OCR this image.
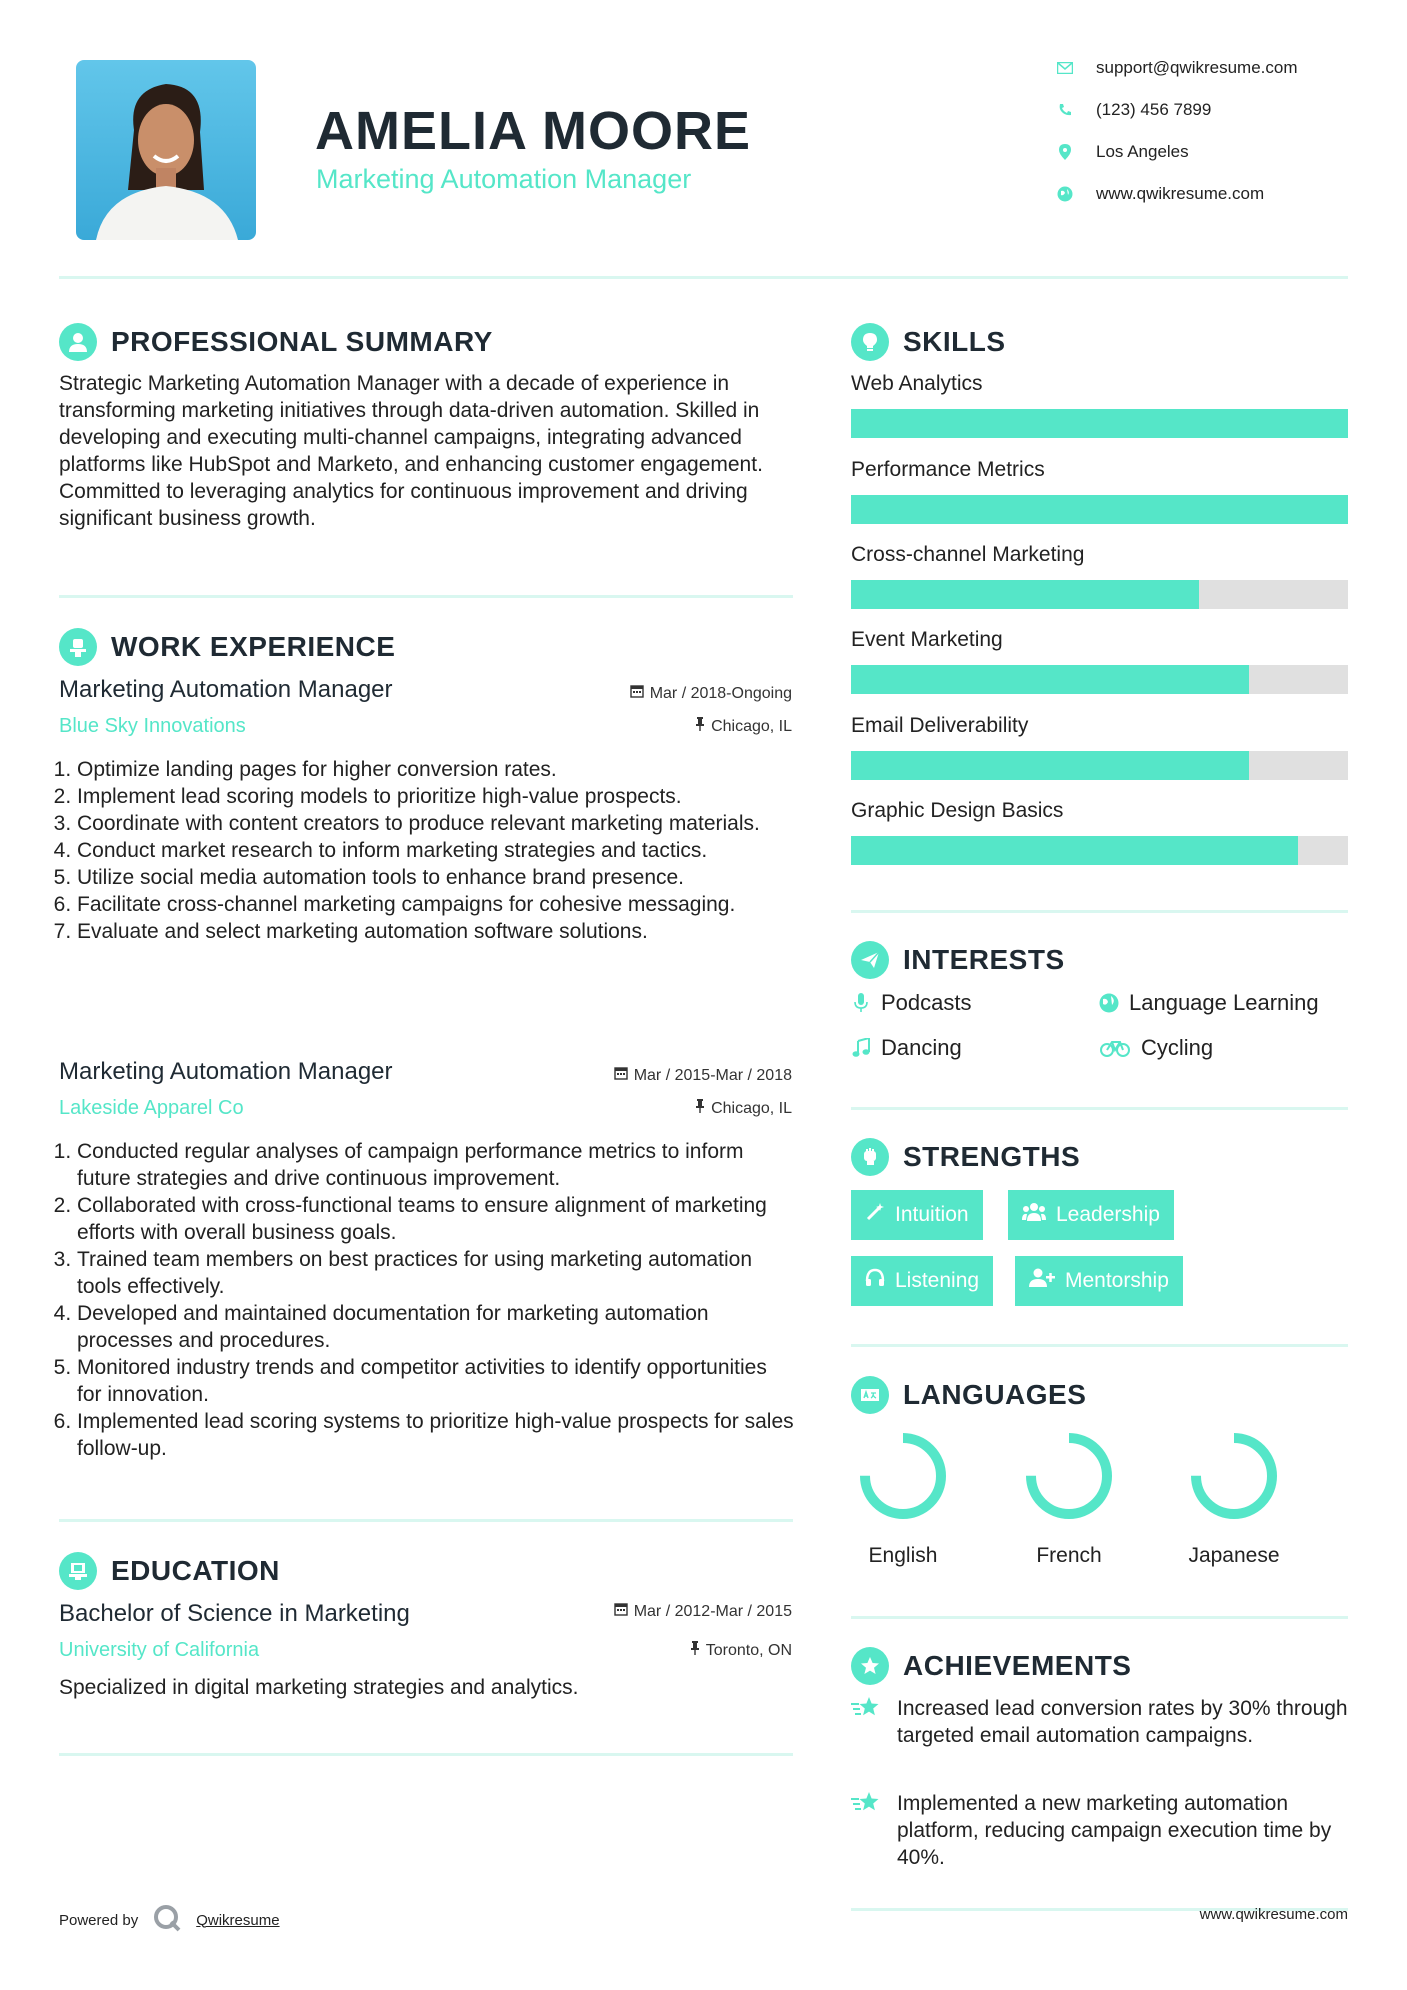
AMELIA MOORE
Marketing Automation Manager
support@qwikresume.com
(123) 456 7899
Los Angeles
www.qwikresume.com
PROFESSIONAL SUMMARY
Strategic Marketing Automation Manager with a decade of experience in transforming marketing initiatives through data-driven automation. Skilled in developing and executing multi-channel campaigns, integrating advanced platforms like HubSpot and Marketo, and enhancing customer engagement. Committed to leveraging analytics for continuous improvement and driving significant business growth.
WORK EXPERIENCE
Marketing Automation Manager	Mar / 2018-Ongoing
Blue Sky Innovations	Chicago, IL
1. Optimize landing pages for higher conversion rates.
2. Implement lead scoring models to prioritize high-value prospects.
3. Coordinate with content creators to produce relevant marketing materials.
4. Conduct market research to inform marketing strategies and tactics.
5. Utilize social media automation tools to enhance brand presence.
6. Facilitate cross-channel marketing campaigns for cohesive messaging.
7. Evaluate and select marketing automation software solutions.
Marketing Automation Manager	Mar / 2015-Mar / 2018
Lakeside Apparel Co	Chicago, IL
1. Conducted regular analyses of campaign performance metrics to inform future strategies and drive continuous improvement.
2. Collaborated with cross-functional teams to ensure alignment of marketing efforts with overall business goals.
3. Trained team members on best practices for using marketing automation tools effectively.
4. Developed and maintained documentation for marketing automation processes and procedures.
5. Monitored industry trends and competitor activities to identify opportunities for innovation.
6. Implemented lead scoring systems to prioritize high-value prospects for sales follow-up.
EDUCATION
Bachelor of Science in Marketing	Mar / 2012-Mar / 2015
University of California	Toronto, ON
Specialized in digital marketing strategies and analytics.
SKILLS
Web Analytics
Performance Metrics
Cross-channel Marketing
Event Marketing
Email Deliverability
Graphic Design Basics
INTERESTS
Podcasts	Language Learning
Dancing	Cycling
STRENGTHS
Intuition	Leadership
Listening	Mentorship
LANGUAGES
English	French	Japanese
ACHIEVEMENTS
Increased lead conversion rates by 30% through targeted email automation campaigns.
Implemented a new marketing automation platform, reducing campaign execution time by 40%.
Powered by	Qwikresume	www.qwikresume.com
